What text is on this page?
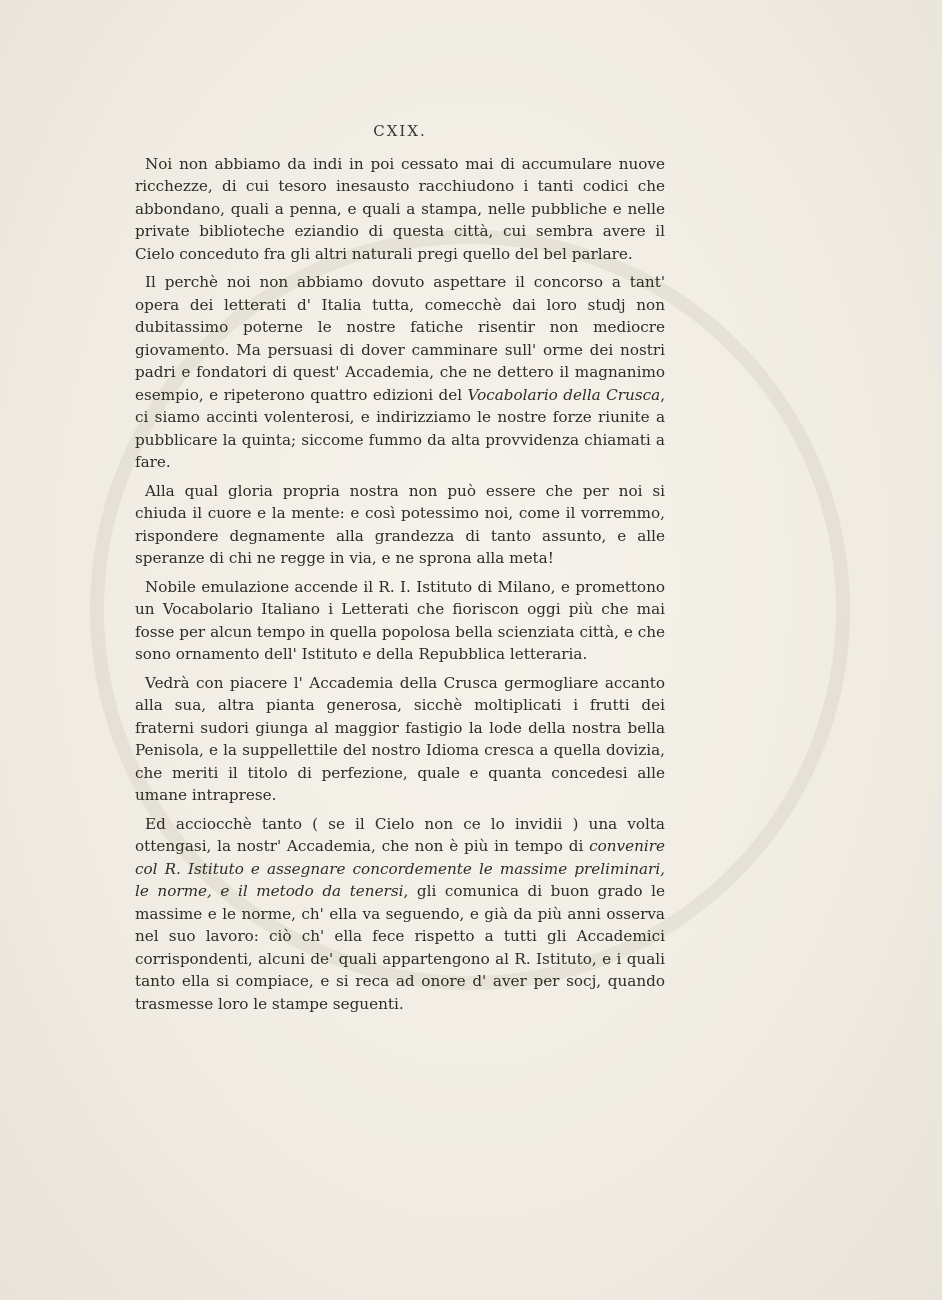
CXIX.

Noi non abbiamo da indi in poi cessato mai di accumulare nuove ricchezze, di cui tesoro inesausto racchiudono i tanti codici che abbondano, quali a penna, e quali a stampa, nelle pubbliche e nelle private biblioteche eziandio di questa città, cui sembra avere il Cielo conceduto fra gli altri naturali pregi quello del bel parlare.

Il perchè noi non abbiamo dovuto aspettare il concorso a tant' opera dei letterati d' Italia tutta, comecchè dai loro studj non dubitassimo poterne le nostre fatiche risentir non mediocre giovamento. Ma persuasi di dover camminare sull' orme dei nostri padri e fondatori di quest' Accademia, che ne dettero il magnanimo esempio, e ripeterono quattro edizioni del Vocabolario della Crusca, ci siamo accinti volenterosi, e indirizziamo le nostre forze riunite a pubblicare la quinta; siccome fummo da alta provvidenza chiamati a fare.

Alla qual gloria propria nostra non può essere che per noi si chiuda il cuore e la mente: e così potessimo noi, come il vorremmo, rispondere degnamente alla grandezza di tanto assunto, e alle speranze di chi ne regge in via, e ne sprona alla meta!

Nobile emulazione accende il R. I. Istituto di Milano, e promettono un Vocabolario Italiano i Letterati che fioriscon oggi più che mai fosse per alcun tempo in quella popolosa bella scienziata città, e che sono ornamento dell' Istituto e della Repubblica letteraria.

Vedrà con piacere l' Accademia della Crusca germogliare accanto alla sua, altra pianta generosa, sicchè moltiplicati i frutti dei fraterni sudori giunga al maggior fastigio la lode della nostra bella Penisola, e la suppellettile del nostro Idioma cresca a quella dovizia, che meriti il titolo di perfezione, quale e quanta concedesi alle umane intraprese.

Ed acciocchè tanto ( se il Cielo non ce lo invidii ) una volta ottengasi, la nostr' Accademia, che non è più in tempo di convenire col R. Istituto e assegnare concordemente le massime preliminari, le norme, e il metodo da tenersi, gli comunica di buon grado le massime e le norme, ch' ella va seguendo, e già da più anni osserva nel suo lavoro: ciò ch' ella fece rispetto a tutti gli Accademici corrispondenti, alcuni de' quali appartengono al R. Istituto, e i quali tanto ella si compiace, e si reca ad onore d' aver per socj, quando trasmesse loro le stampe seguenti.
